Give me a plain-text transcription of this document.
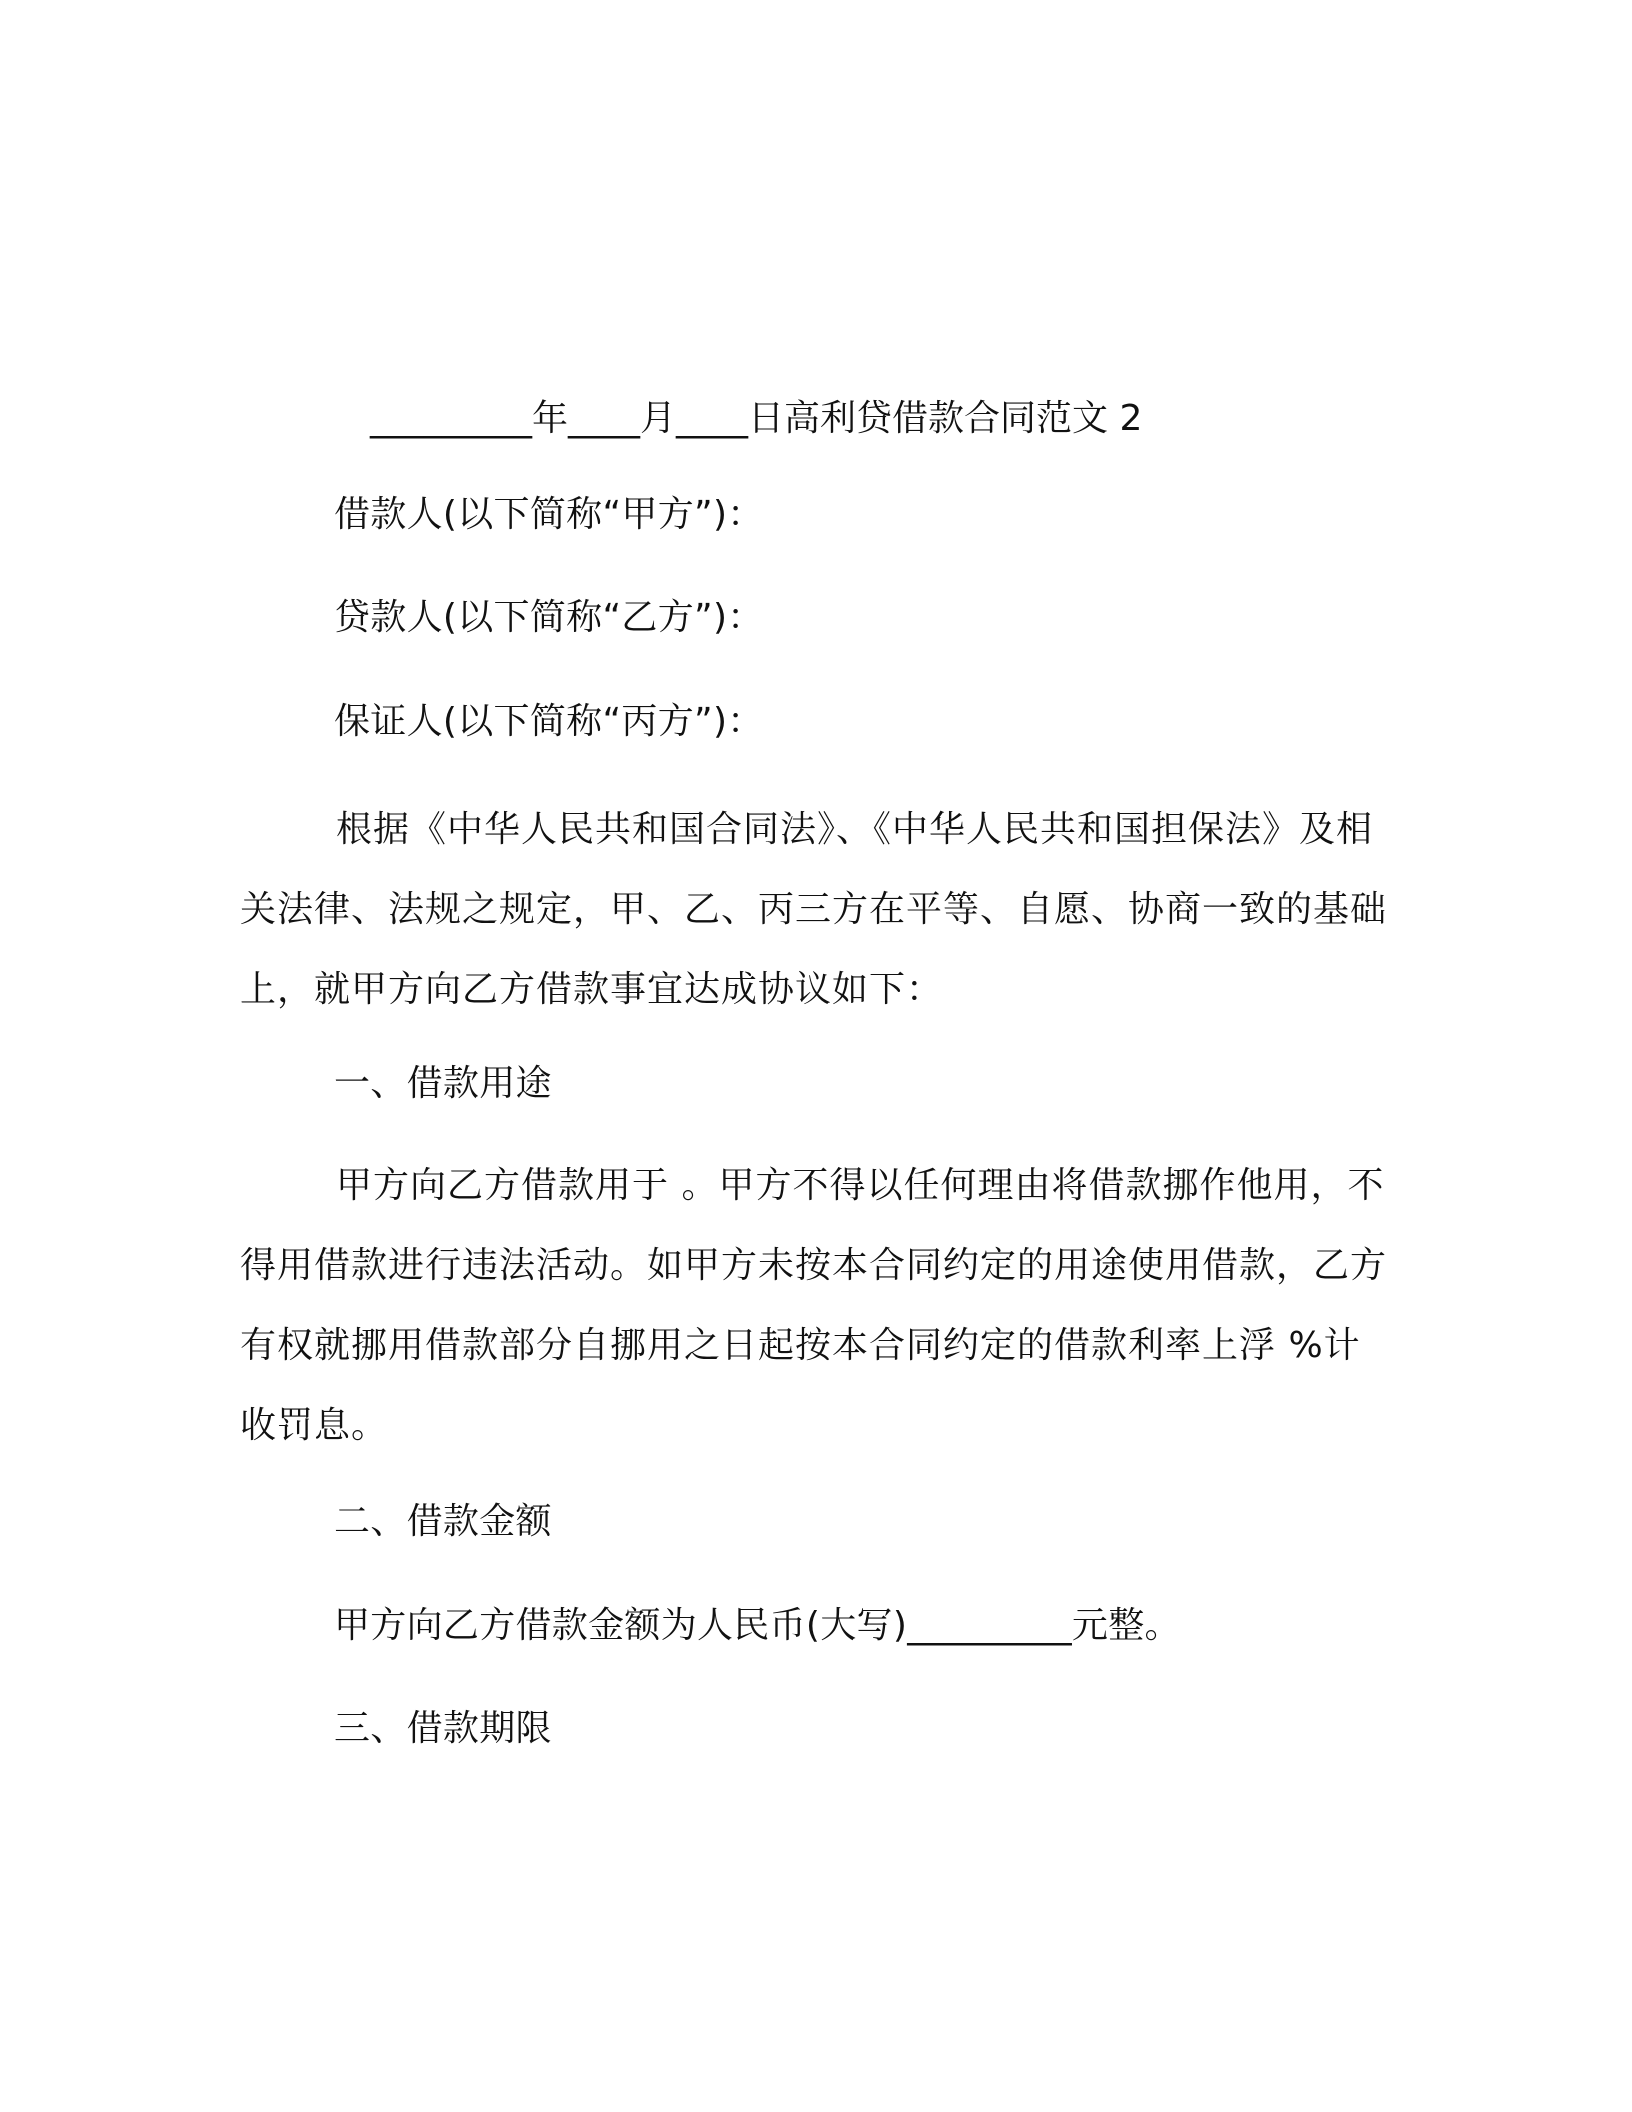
_________年____月____日高利贷借款合同范文 2
借款人(以下简称“甲方”)：
贷款人(以下简称“乙方”)：
保证人(以下简称“丙方”)：
根据《中华人民共和国合同法》、《中华人民共和国担保法》及相关法律、法规之规定，甲、乙、丙三方在平等、自愿、协商一致的基础上，就甲方向乙方借款事宜达成协议如下：
一、借款用途
甲方向乙方借款用于 。甲方不得以任何理由将借款挪作他用，不得用借款进行违法活动。如甲方未按本合同约定的用途使用借款，乙方有权就挪用借款部分自挪用之日起按本合同约定的借款利率上浮 %计收罚息。
二、借款金额
甲方向乙方借款金额为人民币(大写)_________元整。
三、借款期限
